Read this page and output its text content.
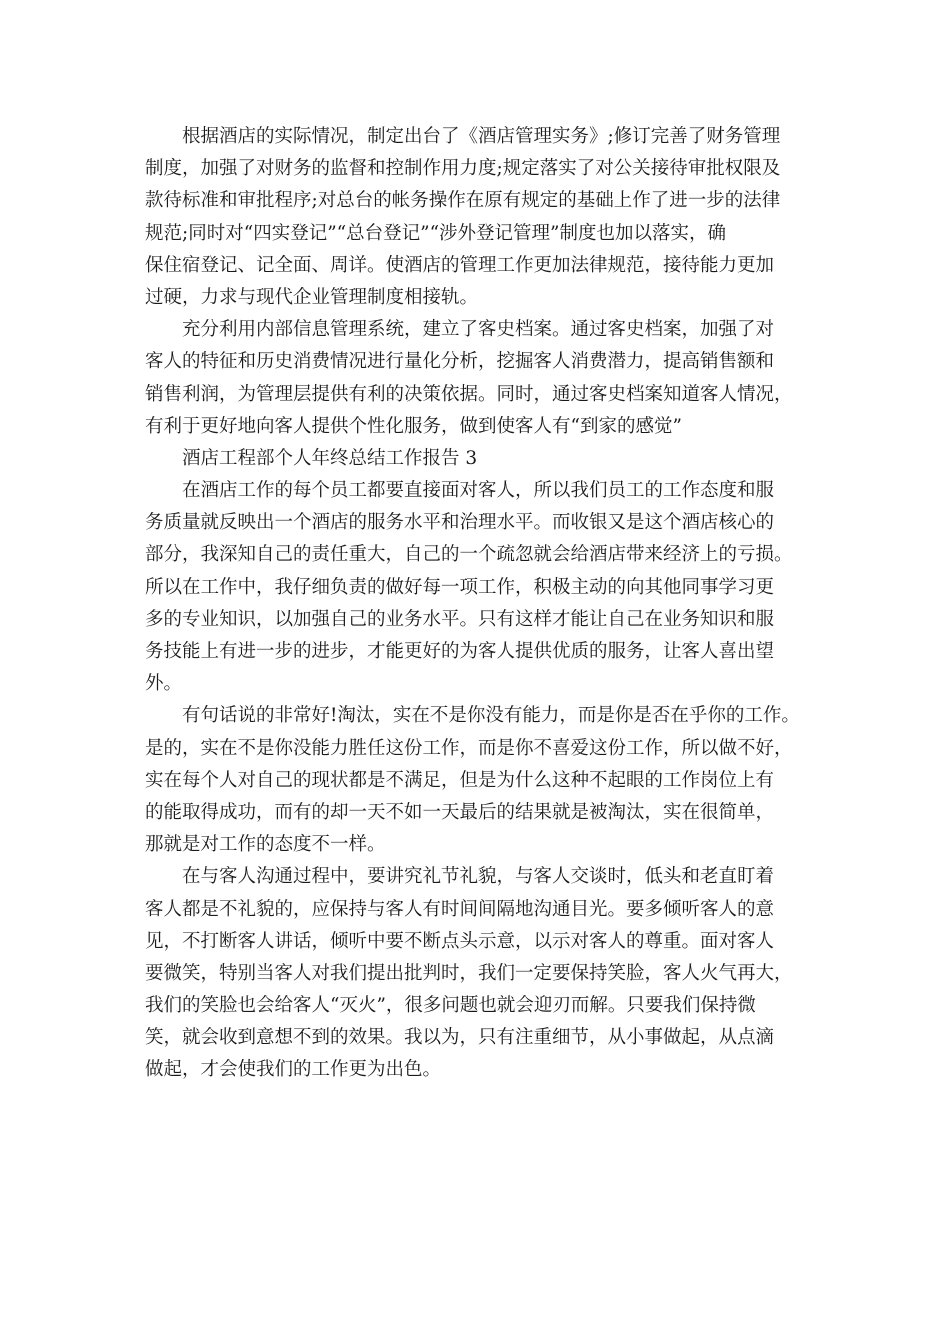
根据酒店的实际情况，制定出台了《酒店管理实务》;修订完善了财务管理
制度，加强了对财务的监督和控制作用力度;规定落实了对公关接待审批权限及
款待标准和审批程序;对总台的帐务操作在原有规定的基础上作了进一步的法律
规范;同时对“四实登记”“总台登记”“涉外登记管理”制度也加以落实，确
保住宿登记、记全面、周详。使酒店的管理工作更加法律规范，接待能力更加
过硬，力求与现代企业管理制度相接轨。
充分利用内部信息管理系统，建立了客史档案。通过客史档案，加强了对
客人的特征和历史消费情况进行量化分析，挖掘客人消费潜力，提高销售额和
销售利润，为管理层提供有利的决策依据。同时，通过客史档案知道客人情况，
有利于更好地向客人提供个性化服务，做到使客人有“到家的感觉”
酒店工程部个人年终总结工作报告 3
在酒店工作的每个员工都要直接面对客人，所以我们员工的工作态度和服
务质量就反映出一个酒店的服务水平和治理水平。而收银又是这个酒店核心的
部分，我深知自己的责任重大，自己的一个疏忽就会给酒店带来经济上的亏损。
所以在工作中，我仔细负责的做好每一项工作，积极主动的向其他同事学习更
多的专业知识，以加强自己的业务水平。只有这样才能让自己在业务知识和服
务技能上有进一步的进步，才能更好的为客人提供优质的服务，让客人喜出望
外。
有句话说的非常好!淘汰，实在不是你没有能力，而是你是否在乎你的工作。
是的，实在不是你没能力胜任这份工作，而是你不喜爱这份工作，所以做不好，
实在每个人对自己的现状都是不满足，但是为什么这种不起眼的工作岗位上有
的能取得成功，而有的却一天不如一天最后的结果就是被淘汰，实在很简单，
那就是对工作的态度不一样。
在与客人沟通过程中，要讲究礼节礼貌，与客人交谈时，低头和老直盯着
客人都是不礼貌的，应保持与客人有时间间隔地沟通目光。要多倾听客人的意
见，不打断客人讲话，倾听中要不断点头示意，以示对客人的尊重。面对客人
要微笑，特别当客人对我们提出批判时，我们一定要保持笑脸，客人火气再大，
我们的笑脸也会给客人“灭火”，很多问题也就会迎刃而解。只要我们保持微
笑，就会收到意想不到的效果。我以为，只有注重细节，从小事做起，从点滴
做起，才会使我们的工作更为出色。
